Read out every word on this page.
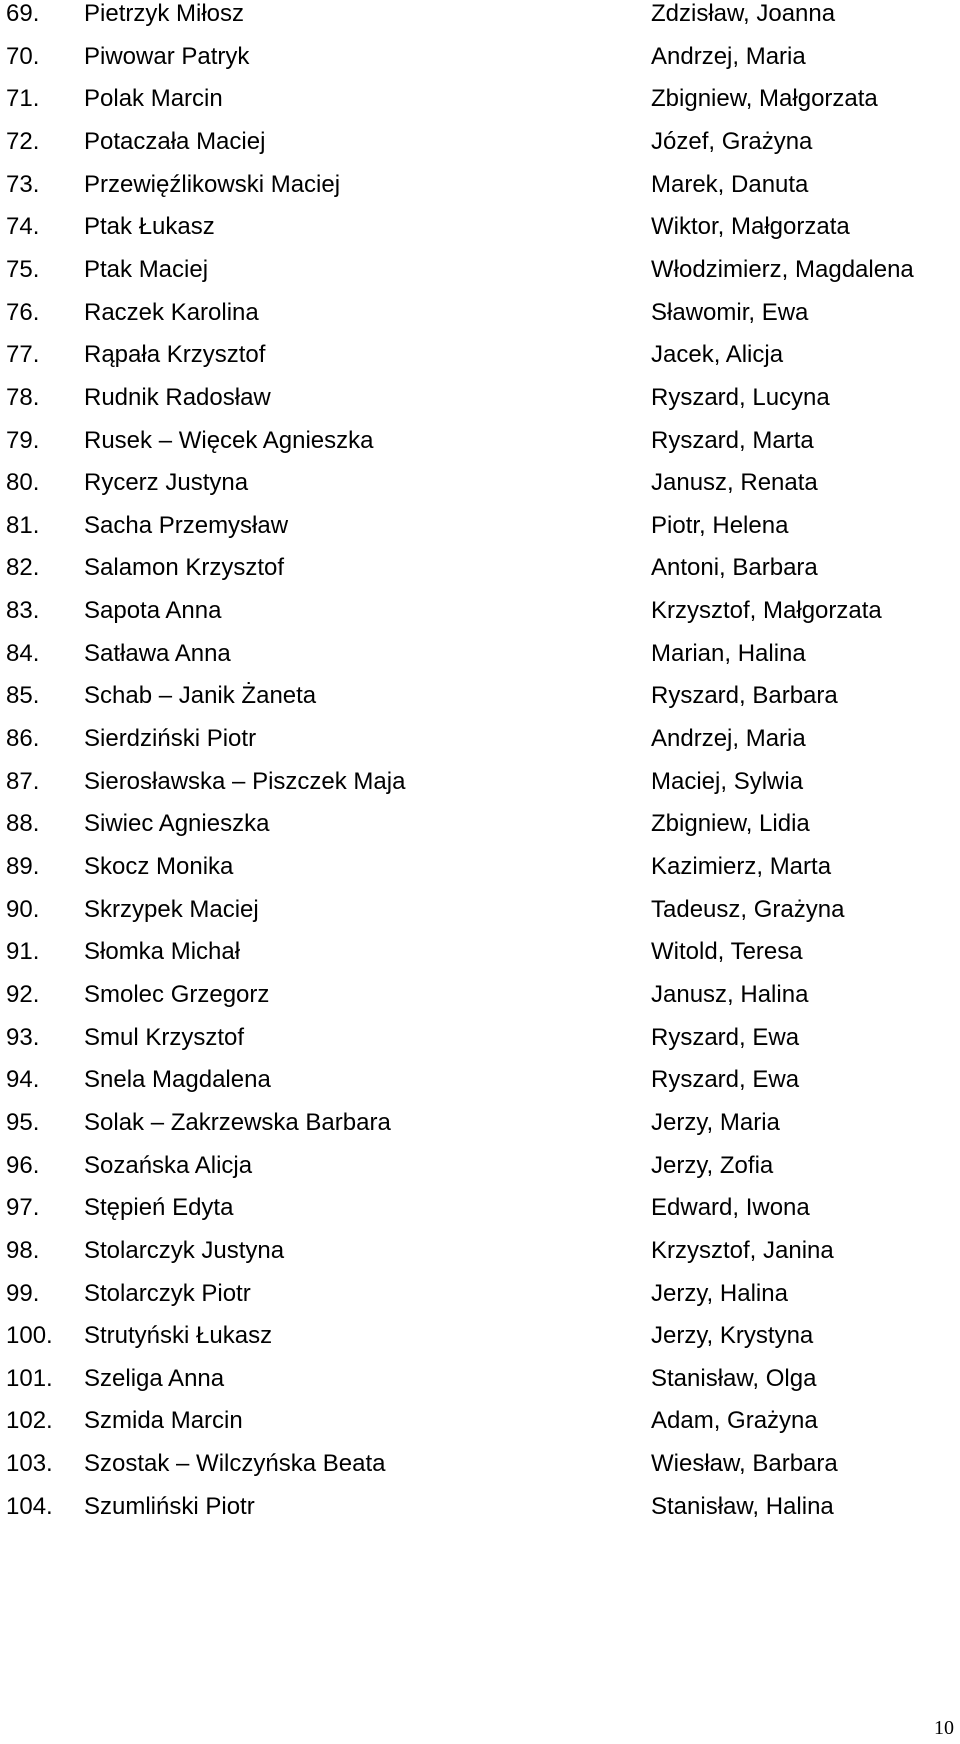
69. Pietrzyk Miłosz	Zdzisław, Joanna
70. Piwowar Patryk	Andrzej, Maria
71. Polak Marcin	Zbigniew, Małgorzata
72. Potaczała Maciej	Józef, Grażyna
73. Przewięźlikowski Maciej	Marek, Danuta
74. Ptak Łukasz	Wiktor, Małgorzata
75. Ptak Maciej	Włodzimierz, Magdalena
76. Raczek Karolina	Sławomir, Ewa
77. Rąpała Krzysztof	Jacek, Alicja
78. Rudnik Radosław	Ryszard, Lucyna
79. Rusek – Więcek Agnieszka	Ryszard, Marta
80. Rycerz Justyna	Janusz, Renata
81. Sacha Przemysław	Piotr, Helena
82. Salamon Krzysztof	Antoni, Barbara
83. Sapota Anna	Krzysztof, Małgorzata
84. Satława Anna	Marian, Halina
85. Schab – Janik Żaneta	Ryszard, Barbara
86. Sierdziński Piotr	Andrzej, Maria
87. Sierosławska – Piszczek Maja	Maciej, Sylwia
88. Siwiec Agnieszka	Zbigniew, Lidia
89. Skocz Monika	Kazimierz, Marta
90. Skrzypek Maciej	Tadeusz, Grażyna
91. Słomka Michał	Witold, Teresa
92. Smolec Grzegorz	Janusz, Halina
93. Smul Krzysztof	Ryszard, Ewa
94. Snela Magdalena	Ryszard, Ewa
95. Solak – Zakrzewska Barbara	Jerzy, Maria
96. Sozańska Alicja	Jerzy, Zofia
97. Stępień Edyta	Edward, Iwona
98. Stolarczyk Justyna	Krzysztof, Janina
99. Stolarczyk Piotr	Jerzy, Halina
100. Strutyński Łukasz	Jerzy, Krystyna
101. Szeliga Anna	Stanisław, Olga
102. Szmida Marcin	Adam, Grażyna
103. Szostak – Wilczyńska Beata	Wiesław, Barbara
104. Szumliński Piotr	Stanisław, Halina
10
